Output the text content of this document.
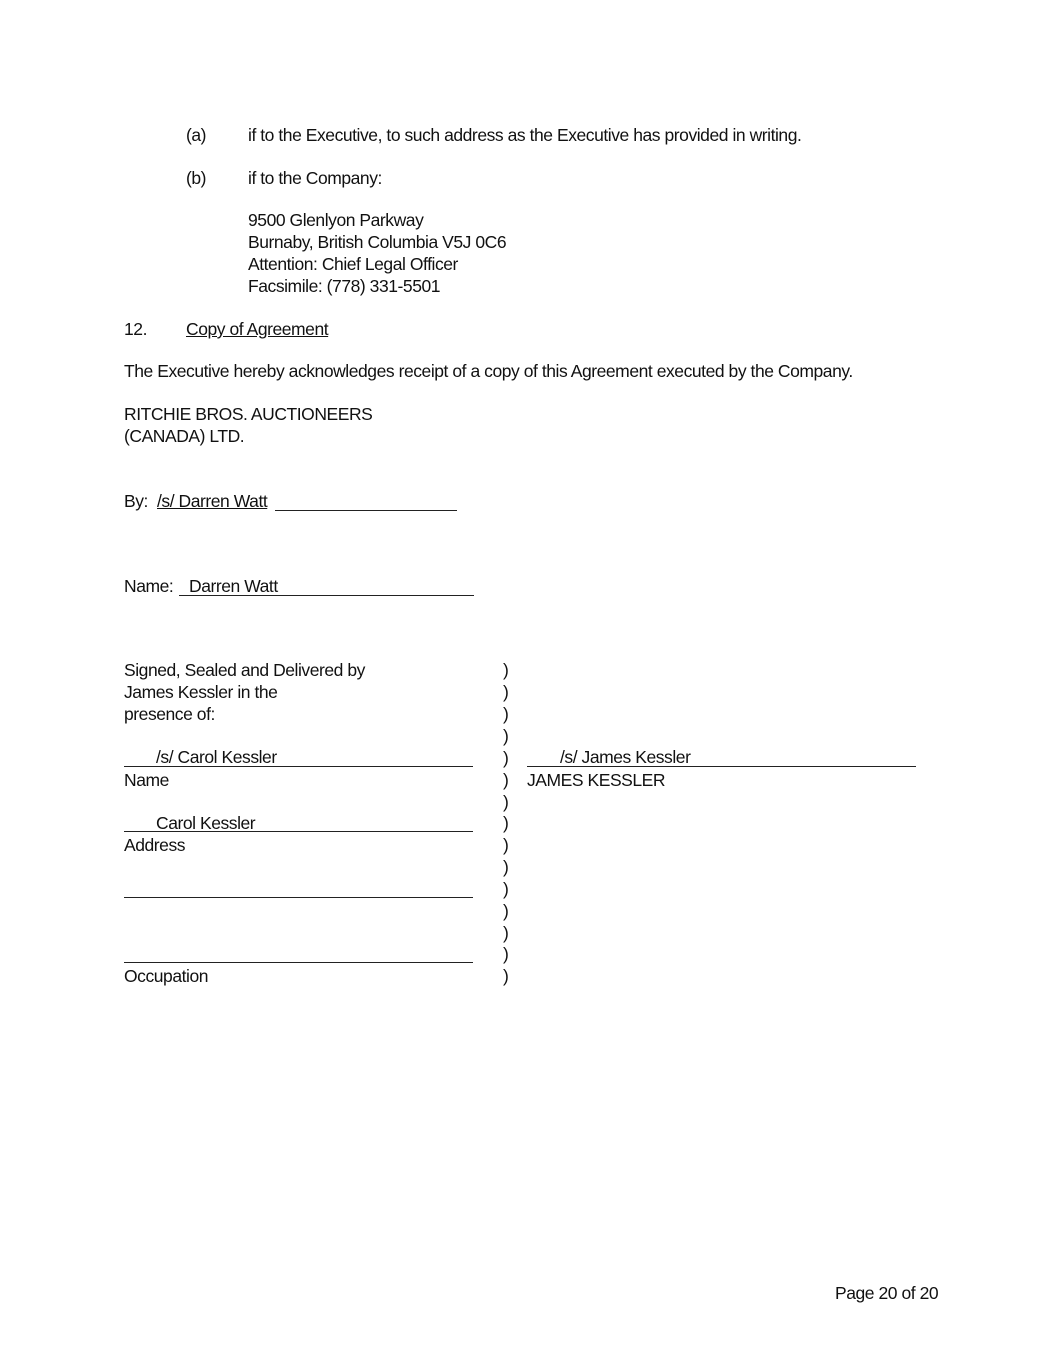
(a) if to the Executive, to such address as the Executive has provided in writing.
(b) if to the Company:
9500 Glenlyon Parkway
Burnaby, British Columbia V5J 0C6
Attention: Chief Legal Officer
Facsimile: (778) 331-5501
12. Copy of Agreement
The Executive hereby acknowledges receipt of a copy of this Agreement executed by the Company.
RITCHIE BROS. AUCTIONEERS
(CANADA) LTD.
By: /s/ Darren Watt
Name: Darren Watt
Signed, Sealed and Delivered by
James Kessler in the
presence of:
/s/ Carol Kessler
Name
Carol Kessler
Address
Occupation
)
)
)
)
)
)
)
)
)
)
)
)
)
)
)
/s/ James Kessler
JAMES KESSLER
Page 20 of 20
